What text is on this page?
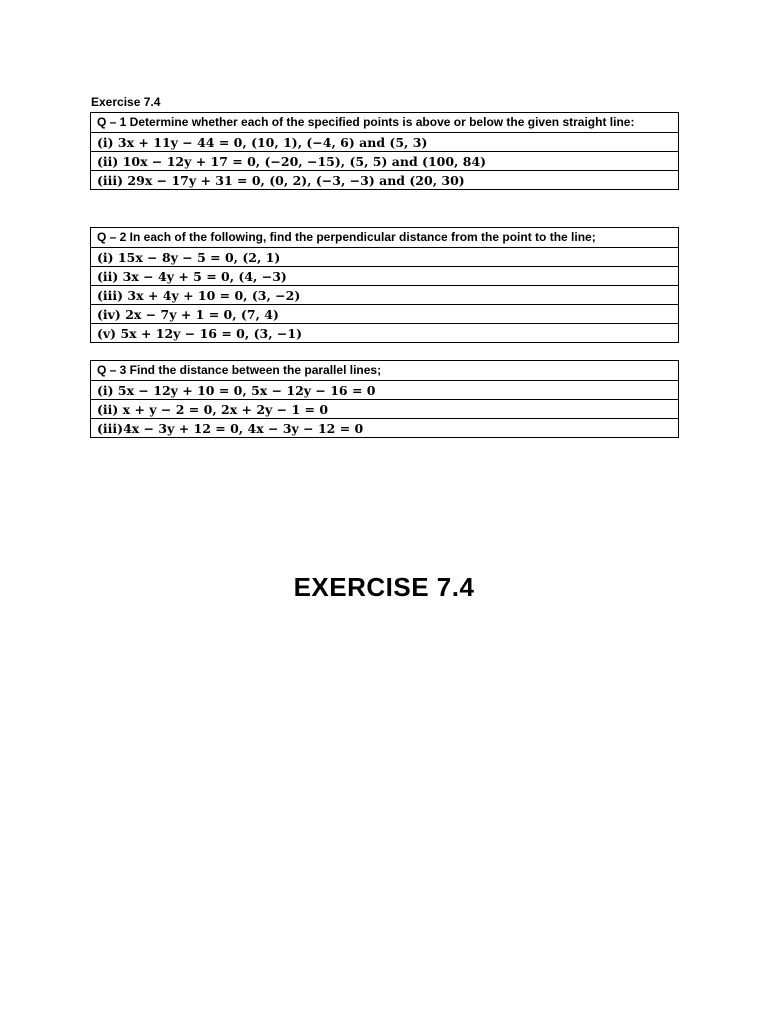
Exercise 7.4
Q – 1 Determine whether each of the specified points is above or below the given straight line:
(i) 3x + 11y − 44 = 0, (10, 1), (−4, 6) and (5, 3)
(ii) 10x − 12y + 17 = 0, (−20, −15), (5, 5) and (100, 84)
(iii) 29x − 17y + 31 = 0, (0, 2), (−3, −3) and (20, 30)
Q – 2 In each of the following, find the perpendicular distance from the point to the line;
(i) 15x − 8y − 5 = 0, (2, 1)
(ii) 3x − 4y + 5 = 0, (4, −3)
(iii) 3x + 4y + 10 = 0, (3, −2)
(iv) 2x − 7y + 1 = 0, (7, 4)
(v) 5x + 12y − 16 = 0, (3, −1)
Q – 3 Find the distance between the parallel lines;
(i) 5x − 12y + 10 = 0, 5x − 12y − 16 = 0
(ii) x + y − 2 = 0, 2x + 2y − 1 = 0
(iii)4x − 3y + 12 = 0, 4x − 3y − 12 = 0
EXERCISE 7.4
